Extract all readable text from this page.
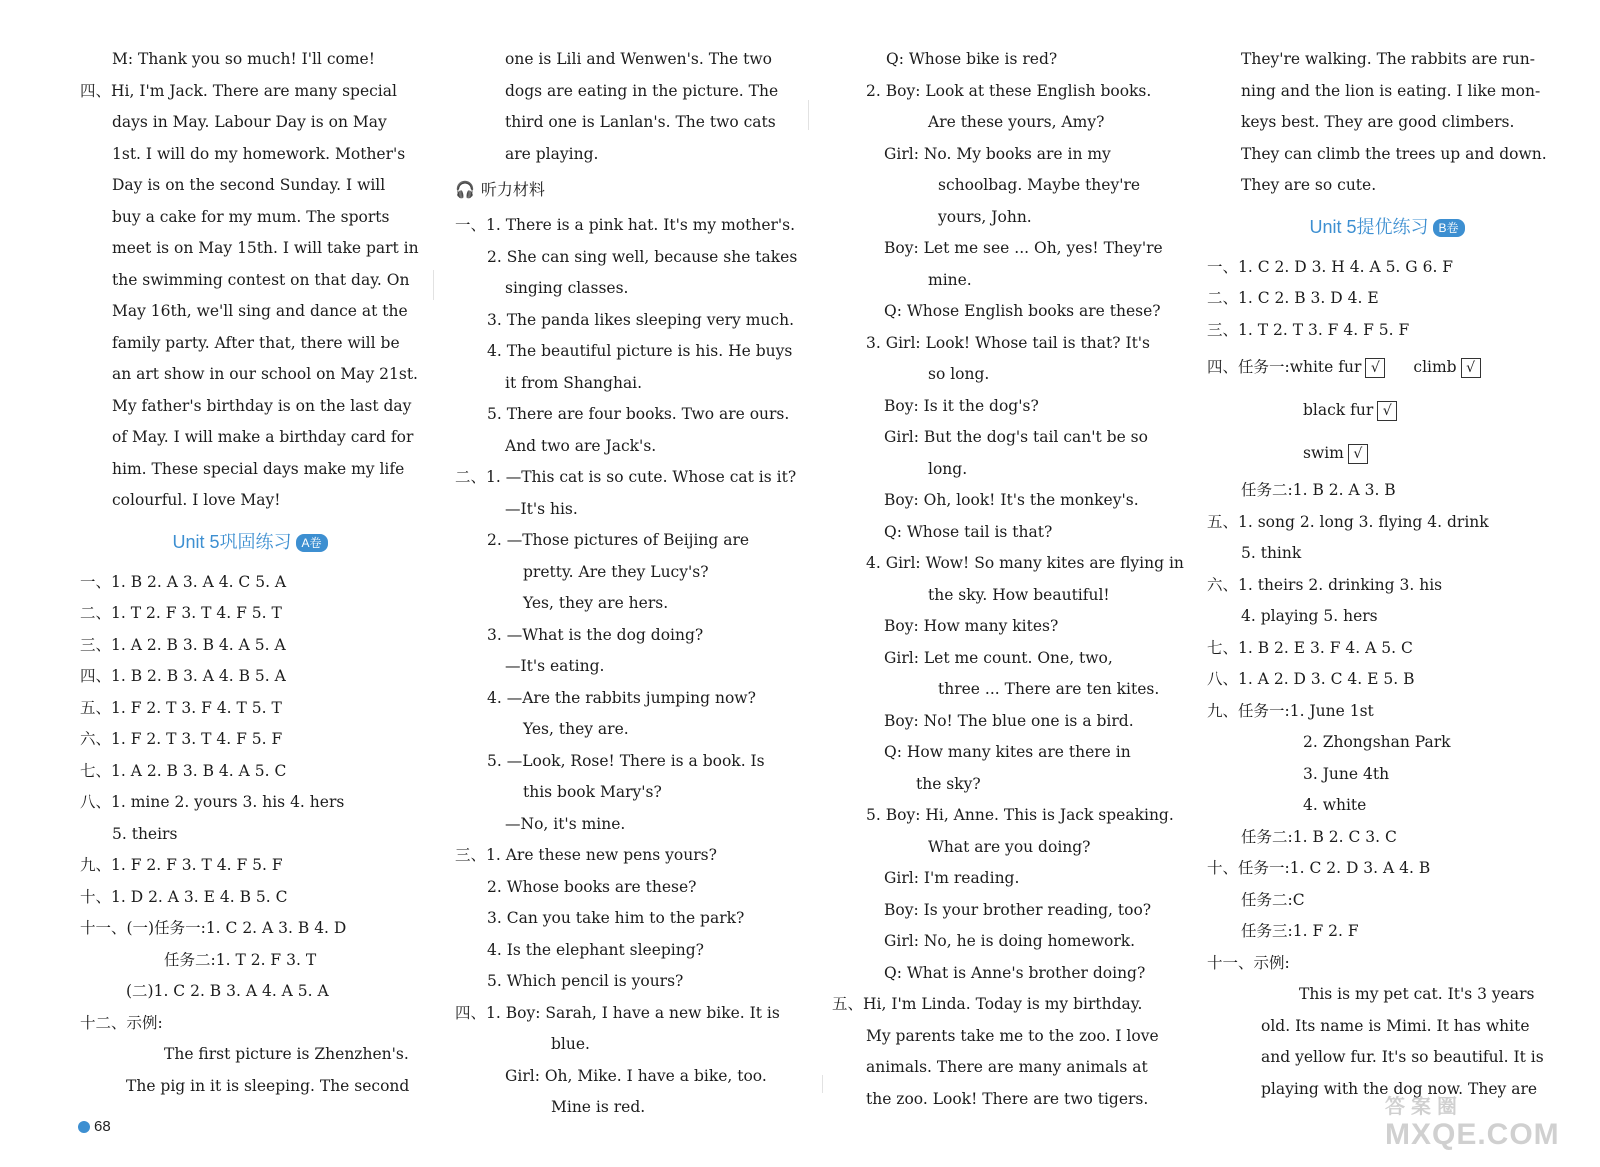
M: Thank you so much! I'll come!
四、Hi, I'm Jack. There are many special
days in May. Labour Day is on May
1st. I will do my homework. Mother's
Day is on the second Sunday. I will
buy a cake for my mum. The sports
meet is on May 15th. I will take part in
the swimming contest on that day. On
May 16th, we'll sing and dance at the
family party. After that, there will be
an art show in our school on May 21st.
My father's birthday is on the last day
of May. I will make a birthday card for
him. These special days make my life
colourful. I love May!
Unit 5巩固练习 A卷
一、1. B 2. A 3. A 4. C 5. A
二、1. T 2. F 3. T 4. F 5. T
三、1. A 2. B 3. B 4. A 5. A
四、1. B 2. B 3. A 4. B 5. A
五、1. F 2. T 3. F 4. T 5. T
六、1. F 2. T 3. T 4. F 5. F
七、1. A 2. B 3. B 4. A 5. C
八、1. mine 2. yours 3. his 4. hers
5. theirs
九、1. F 2. F 3. T 4. F 5. F
十、1. D 2. A 3. E 4. B 5. C
十一、(一)任务一:1. C 2. A 3. B 4. D
任务二:1. T 2. F 3. T
(二)1. C 2. B 3. A 4. A 5. A
十二、示例:
The first picture is Zhenzhen's.
The pig in it is sleeping. The second
one is Lili and Wenwen's. The two
dogs are eating in the picture. The
third one is Lanlan's. The two cats
are playing.
🎧 听力材料
一、1. There is a pink hat. It's my mother's.
2. She can sing well, because she takes
singing classes.
3. The panda likes sleeping very much.
4. The beautiful picture is his. He buys
it from Shanghai.
5. There are four books. Two are ours.
And two are Jack's.
二、1. —This cat is so cute. Whose cat is it?
—It's his.
2. —Those pictures of Beijing are
pretty. Are they Lucy's?
Yes, they are hers.
3. —What is the dog doing?
—It's eating.
4. —Are the rabbits jumping now?
Yes, they are.
5. —Look, Rose! There is a book. Is
this book Mary's?
—No, it's mine.
三、1. Are these new pens yours?
2. Whose books are these?
3. Can you take him to the park?
4. Is the elephant sleeping?
5. Which pencil is yours?
四、1. Boy: Sarah, I have a new bike. It is
blue.
Girl: Oh, Mike. I have a bike, too.
Mine is red.
Q: Whose bike is red?
2. Boy: Look at these English books.
Are these yours, Amy?
Girl: No. My books are in my
schoolbag. Maybe they're
yours, John.
Boy: Let me see ... Oh, yes! They're
mine.
Q: Whose English books are these?
3. Girl: Look! Whose tail is that? It's
so long.
Boy: Is it the dog's?
Girl: But the dog's tail can't be so
long.
Boy: Oh, look! It's the monkey's.
Q: Whose tail is that?
4. Girl: Wow! So many kites are flying in
the sky. How beautiful!
Boy: How many kites?
Girl: Let me count. One, two,
three ... There are ten kites.
Boy: No! The blue one is a bird.
Q: How many kites are there in
the sky?
5. Boy: Hi, Anne. This is Jack speaking.
What are you doing?
Girl: I'm reading.
Boy: Is your brother reading, too?
Girl: No, he is doing homework.
Q: What is Anne's brother doing?
五、Hi, I'm Linda. Today is my birthday.
My parents take me to the zoo. I love
animals. There are many animals at
the zoo. Look! There are two tigers.
They're walking. The rabbits are run-
ning and the lion is eating. I like mon-
keys best. They are good climbers.
They can climb the trees up and down.
They are so cute.
Unit 5提优练习 B卷
一、1. C 2. D 3. H 4. A 5. G 6. F
二、1. C 2. B 3. D 4. E
三、1. T 2. T 3. F 4. F 5. F
四、任务一:white fur √ climb √
black fur √
swim √
任务二:1. B 2. A 3. B
五、1. song 2. long 3. flying 4. drink
5. think
六、1. theirs 2. drinking 3. his
4. playing 5. hers
七、1. B 2. E 3. F 4. A 5. C
八、1. A 2. D 3. C 4. E 5. B
九、任务一:1. June 1st
2. Zhongshan Park
3. June 4th
4. white
任务二:1. B 2. C 3. C
十、任务一:1. C 2. D 3. A 4. B
任务二:C
任务三:1. F 2. F
十一、示例:
This is my pet cat. It's 3 years
old. Its name is Mimi. It has white
and yellow fur. It's so beautiful. It is
playing with the dog now. They are
68
答案圈
MXQE.COM
